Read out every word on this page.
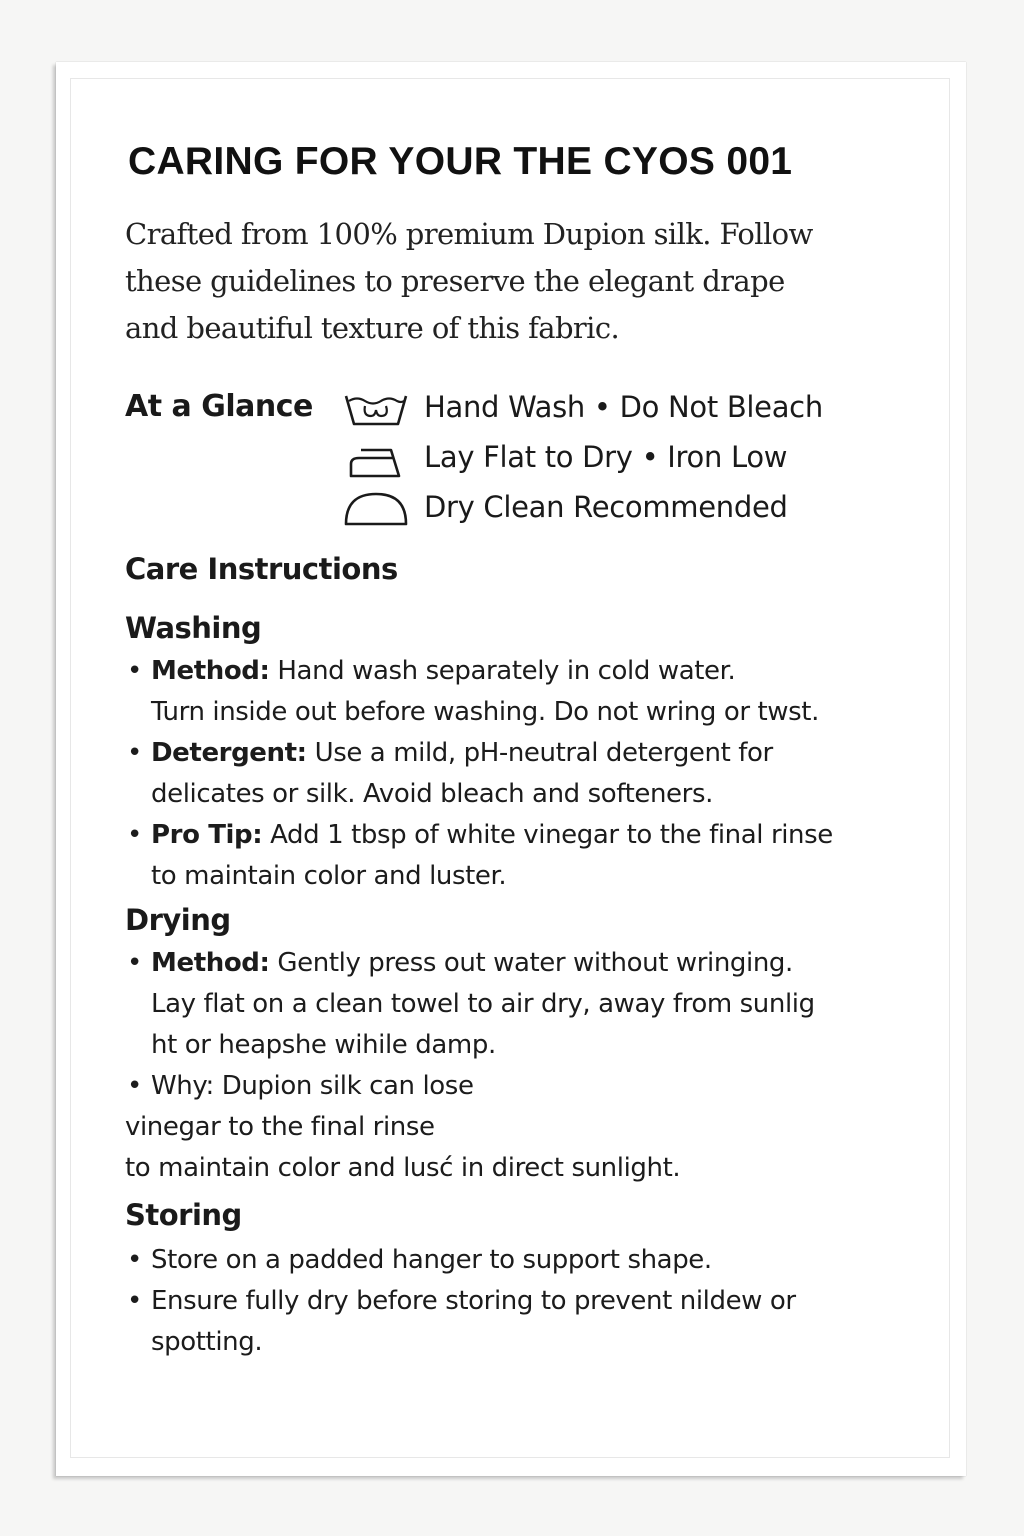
CARING FOR YOUR THE CYOS 001

Crafted from 100% premium Dupion silk. Follow
these guidelines to preserve the elegant drape
and beautiful texture of this fabric.

At a Glance	Hand Wash • Do Not Bleach
Lay Flat to Dry • Iron Low
Dry Clean Recommended
Care Instructions
Washing
• Method: Hand wash separately in cold water.
Turn inside out before washing. Do not wring or twst.
• Detergent: Use a mild, pH-neutral detergent for
delicates or silk. Avoid bleach and softeners.
• Pro Tip: Add 1 tbsp of white vinegar to the final rinse
to maintain color and luster.
Drying
• Method: Gently press out water without wringing.
Lay flat on a clean towel to air dry, away from sunlig
ht or heapshe wihile damp.
• Why: Dupion silk can lose
vinegar to the final rinse
to maintain color and lusć in direct sunlight.
Storing
• Store on a padded hanger to support shape.
• Ensure fully dry before storing to prevent nildew or
spotting.
